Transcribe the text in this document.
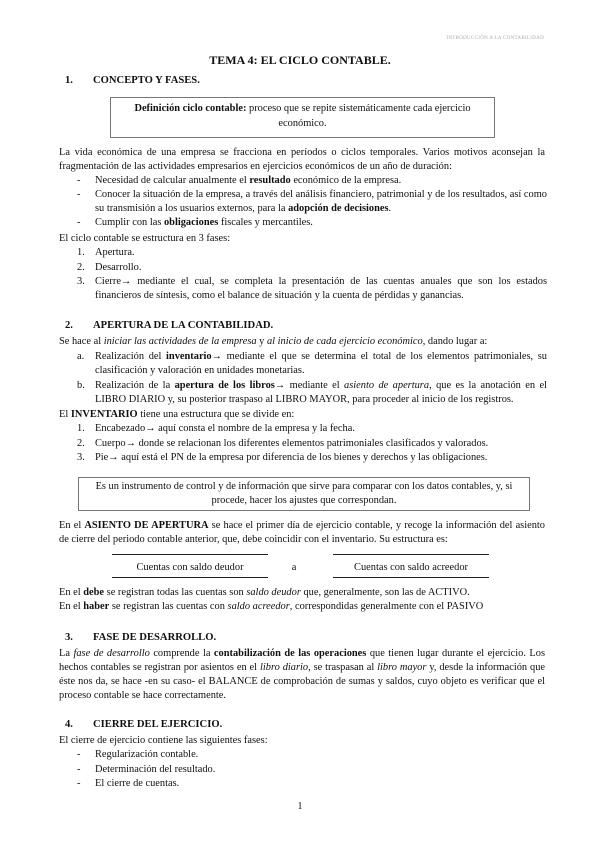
INTRODUCCIÓN A LA CONTABILIDAD
TEMA 4: EL CICLO CONTABLE.
1. CONCEPTO Y FASES.
Definición ciclo contable: proceso que se repite sistemáticamente cada ejercicio económico.
La vida económica de una empresa se fracciona en períodos o ciclos temporales. Varios motivos aconsejan la fragmentación de las actividades empresarios en ejercicios económicos de un año de duración:
- Necesidad de calcular anualmente el resultado económico de la empresa.
- Conocer la situación de la empresa, a través del análisis financiero, patrimonial y de los resultados, así como su transmisión a los usuarios externos, para la adopción de decisiones.
- Cumplir con las obligaciones fiscales y mercantiles.
El ciclo contable se estructura en 3 fases:
1. Apertura.
2. Desarrollo.
3. Cierre→ mediante el cual, se completa la presentación de las cuentas anuales que son los estados financieros de síntesis, como el balance de situación y la cuenta de pérdidas y ganancias.
2. APERTURA DE LA CONTABILIDAD.
Se hace al iniciar las actividades de la empresa y al inicio de cada ejercicio económico, dando lugar a:
a. Realización del inventario→ mediante el que se determina el total de los elementos patrimoniales, su clasificación y valoración en unidades monetarias.
b. Realización de la apertura de los libros→ mediante el asiento de apertura, que es la anotación en el LIBRO DIARIO y, su posterior traspaso al LIBRO MAYOR, para proceder al inicio de los registros.
El INVENTARIO tiene una estructura que se divide en:
1. Encabezado→ aquí consta el nombre de la empresa y la fecha.
2. Cuerpo→ donde se relacionan los diferentes elementos patrimoniales clasificados y valorados.
3. Pie→ aquí está el PN de la empresa por diferencia de los bienes y derechos y las obligaciones.
Es un instrumento de control y de información que sirve para comparar con los datos contables, y, si procede, hacer los ajustes que correspondan.
En el ASIENTO DE APERTURA se hace el primer día de ejercicio contable, y recoge la información del asiento de cierre del periodo contable anterior, que, debe coincidir con el inventario. Su estructura es:
Cuentas con saldo deudor	a	Cuentas con saldo acreedor
En el debe se registran todas las cuentas son saldo deudor que, generalmente, son las de ACTIVO.
En el haber se registran las cuentas con saldo acreedor, correspondidas generalmente con el PASIVO
3. FASE DE DESARROLLO.
La fase de desarrollo comprende la contabilización de las operaciones que tienen lugar durante el ejercicio. Los hechos contables se registran por asientos en el libro diario, se traspasan al libro mayor y, desde la información que éste nos da, se hace -en su caso- el BALANCE de comprobación de sumas y saldos, cuyo objeto es verificar que el proceso contable se hace correctamente.
4. CIERRE DEL EJERCICIO.
El cierre de ejercicio contiene las siguientes fases:
- Regularización contable.
- Determinación del resultado.
- El cierre de cuentas.
1
